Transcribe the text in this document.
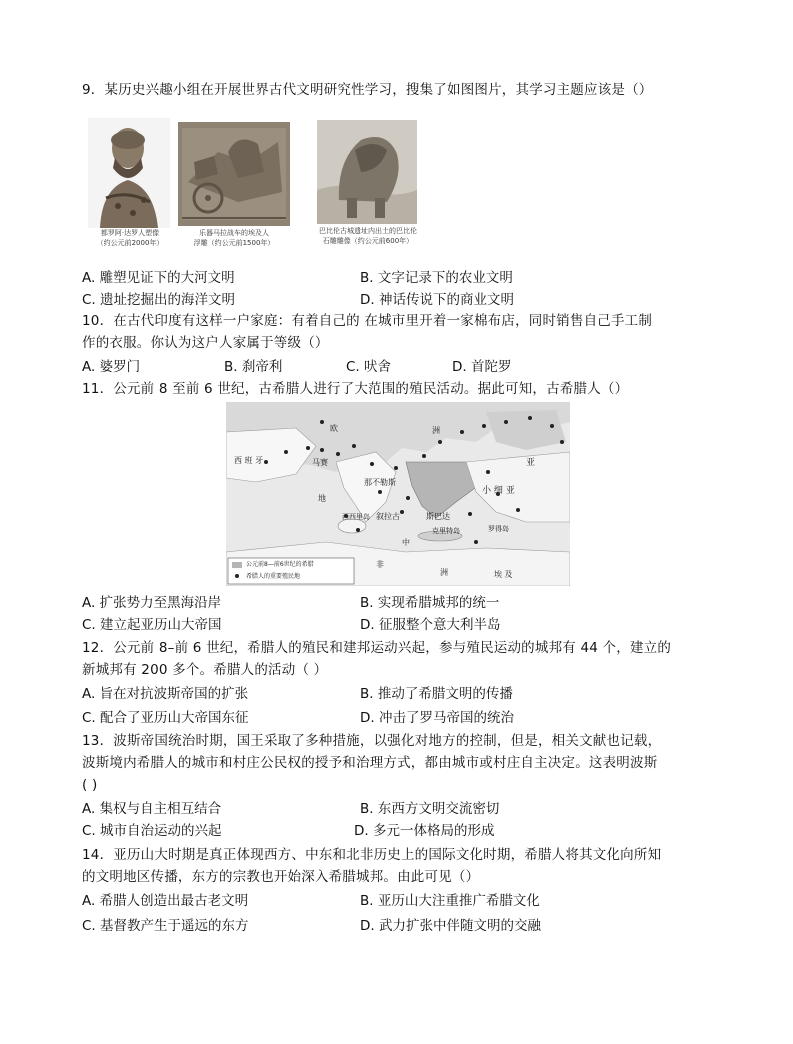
9．某历史兴趣小组在开展世界古代文明研究性学习，搜集了如图图片，其学习主题应该是（）
都罗阿·达罗人塑像
（约公元前2000年）
乐器马拉战车的埃及人
浮雕（约公元前1500年）
巴比伦古城遗址内出土的巴比伦
石雕雕像（约公元前600年）
A. 雕塑见证下的大河文明	B. 文字记录下的农业文明
C. 遗址挖掘出的海洋文明	D. 神话传说下的商业文明
10．在古代印度有这样一户家庭：有着自己的 在城市里开着一家棉布店，同时销售自己手工制
作的衣服。你认为这户人家属于等级（）
A. 婆罗门	B. 刹帝利	C. 吠舍	D. 首陀罗
11．公元前 8 至前 6 世纪，古希腊人进行了大范围的殖民活动。据此可知，古希腊人（）
欧	洲
西 班 牙	马赛
那不勒斯
叙拉古
西西里岛	斯巴达
克里特岛	罗得岛
亚
小 细 亚
非
洲	埃 及
地
中
公元前8—前6世纪的希腊
希腊人的重要殖民地
A. 扩张势力至黑海沿岸	B. 实现希腊城邦的统一
C. 建立起亚历山大帝国	D. 征服整个意大利半岛
12．公元前 8–前 6 世纪，希腊人的殖民和建邦运动兴起，参与殖民运动的城邦有 44 个，建立的
新城邦有 200 多个。希腊人的活动（ ）
A. 旨在对抗波斯帝国的扩张	B. 推动了希腊文明的传播
C. 配合了亚历山大帝国东征	D. 冲击了罗马帝国的统治
13．波斯帝国统治时期，国王采取了多种措施，以强化对地方的控制，但是，相关文献也记载，
波斯境内希腊人的城市和村庄公民权的授予和治理方式，都由城市或村庄自主决定。这表明波斯
( )
A. 集权与自主相互结合	B. 东西方文明交流密切
C. 城市自治运动的兴起	D. 多元一体格局的形成
14．亚历山大时期是真正体现西方、中东和北非历史上的国际文化时期，希腊人将其文化向所知
的文明地区传播，东方的宗教也开始深入希腊城邦。由此可见（）
A. 希腊人创造出最古老文明	B. 亚历山大注重推广希腊文化
C. 基督教产生于遥远的东方	D. 武力扩张中伴随文明的交融
